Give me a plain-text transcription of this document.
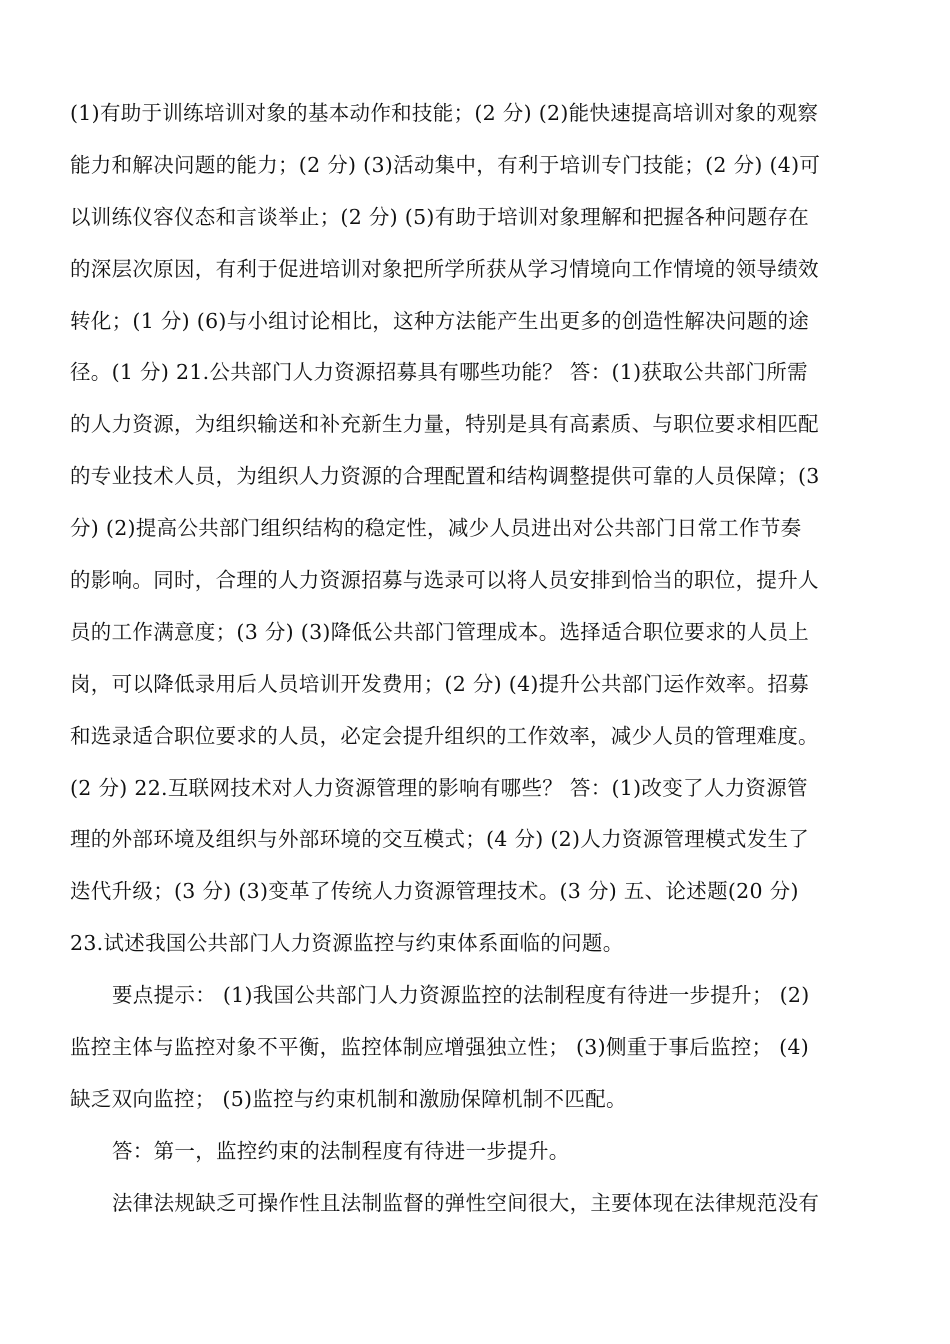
(1)有助于训练培训对象的基本动作和技能；(2 分) (2)能快速提高培训对象的观察
能力和解决问题的能力；(2 分) (3)活动集中，有利于培训专门技能；(2 分) (4)可
以训练仪容仪态和言谈举止；(2 分) (5)有助于培训对象理解和把握各种问题存在
的深层次原因，有利于促进培训对象把所学所获从学习情境向工作情境的领导绩效
转化；(1 分) (6)与小组讨论相比，这种方法能产生出更多的创造性解决问题的途
径。(1 分) 21.公共部门人力资源招募具有哪些功能？ 答：(1)获取公共部门所需
的人力资源，为组织输送和补充新生力量，特别是具有高素质、与职位要求相匹配
的专业技术人员，为组织人力资源的合理配置和结构调整提供可靠的人员保障；(3
分) (2)提高公共部门组织结构的稳定性，减少人员进出对公共部门日常工作节奏
的影响。同时，合理的人力资源招募与选录可以将人员安排到恰当的职位，提升人
员的工作满意度；(3 分) (3)降低公共部门管理成本。选择适合职位要求的人员上
岗，可以降低录用后人员培训开发费用；(2 分) (4)提升公共部门运作效率。招募
和选录适合职位要求的人员，必定会提升组织的工作效率，减少人员的管理难度。
(2 分) 22.互联网技术对人力资源管理的影响有哪些？ 答：(1)改变了人力资源管
理的外部环境及组织与外部环境的交互模式；(4 分) (2)人力资源管理模式发生了
迭代升级；(3 分) (3)变革了传统人力资源管理技术。(3 分) 五、论述题(20 分)
23.试述我国公共部门人力资源监控与约束体系面临的问题。
要点提示： (1)我国公共部门人力资源监控的法制程度有待进一步提升； (2)
监控主体与监控对象不平衡，监控体制应增强独立性； (3)侧重于事后监控； (4)
缺乏双向监控； (5)监控与约束机制和激励保障机制不匹配。
答：第一，监控约束的法制程度有待进一步提升。
法律法规缺乏可操作性且法制监督的弹性空间很大，主要体现在法律规范没有
